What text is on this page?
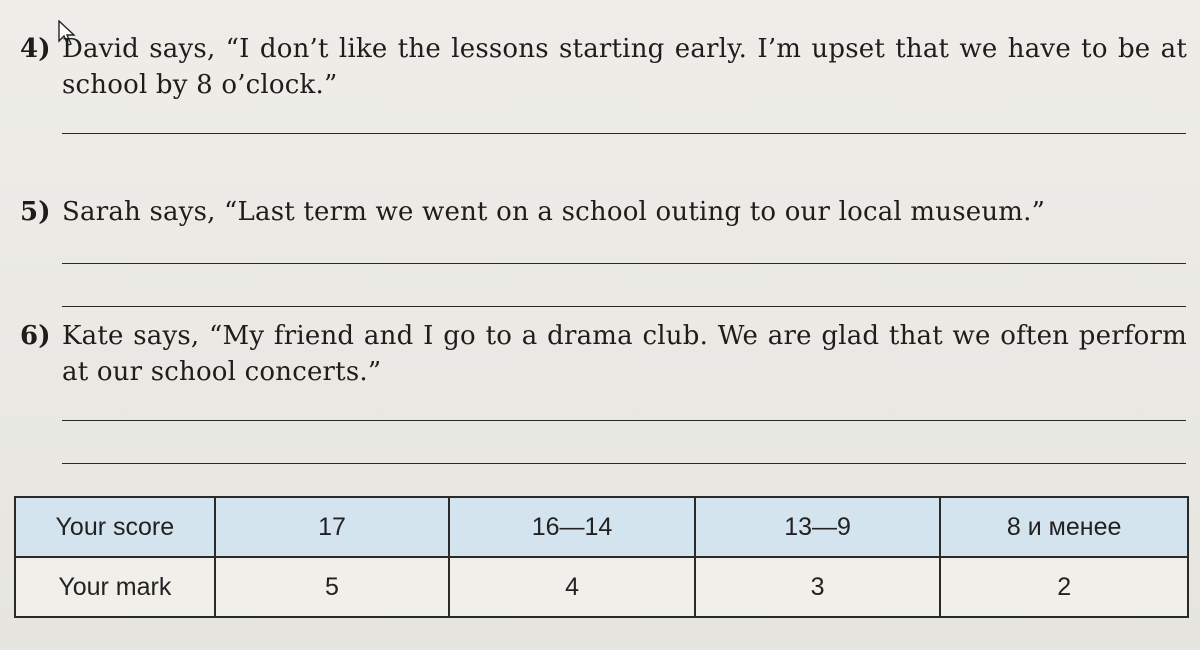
4) David says, “I don’t like the lessons starting early. I’m upset that we have to be at school by 8 o’clock.”
5) Sarah says, “Last term we went on a school outing to our local museum.”
6) Kate says, “My friend and I go to a drama club. We are glad that we often perform at our school concerts.”
Your score	17	16—14	13—9	8 и менее
Your mark	5	4	3	2
